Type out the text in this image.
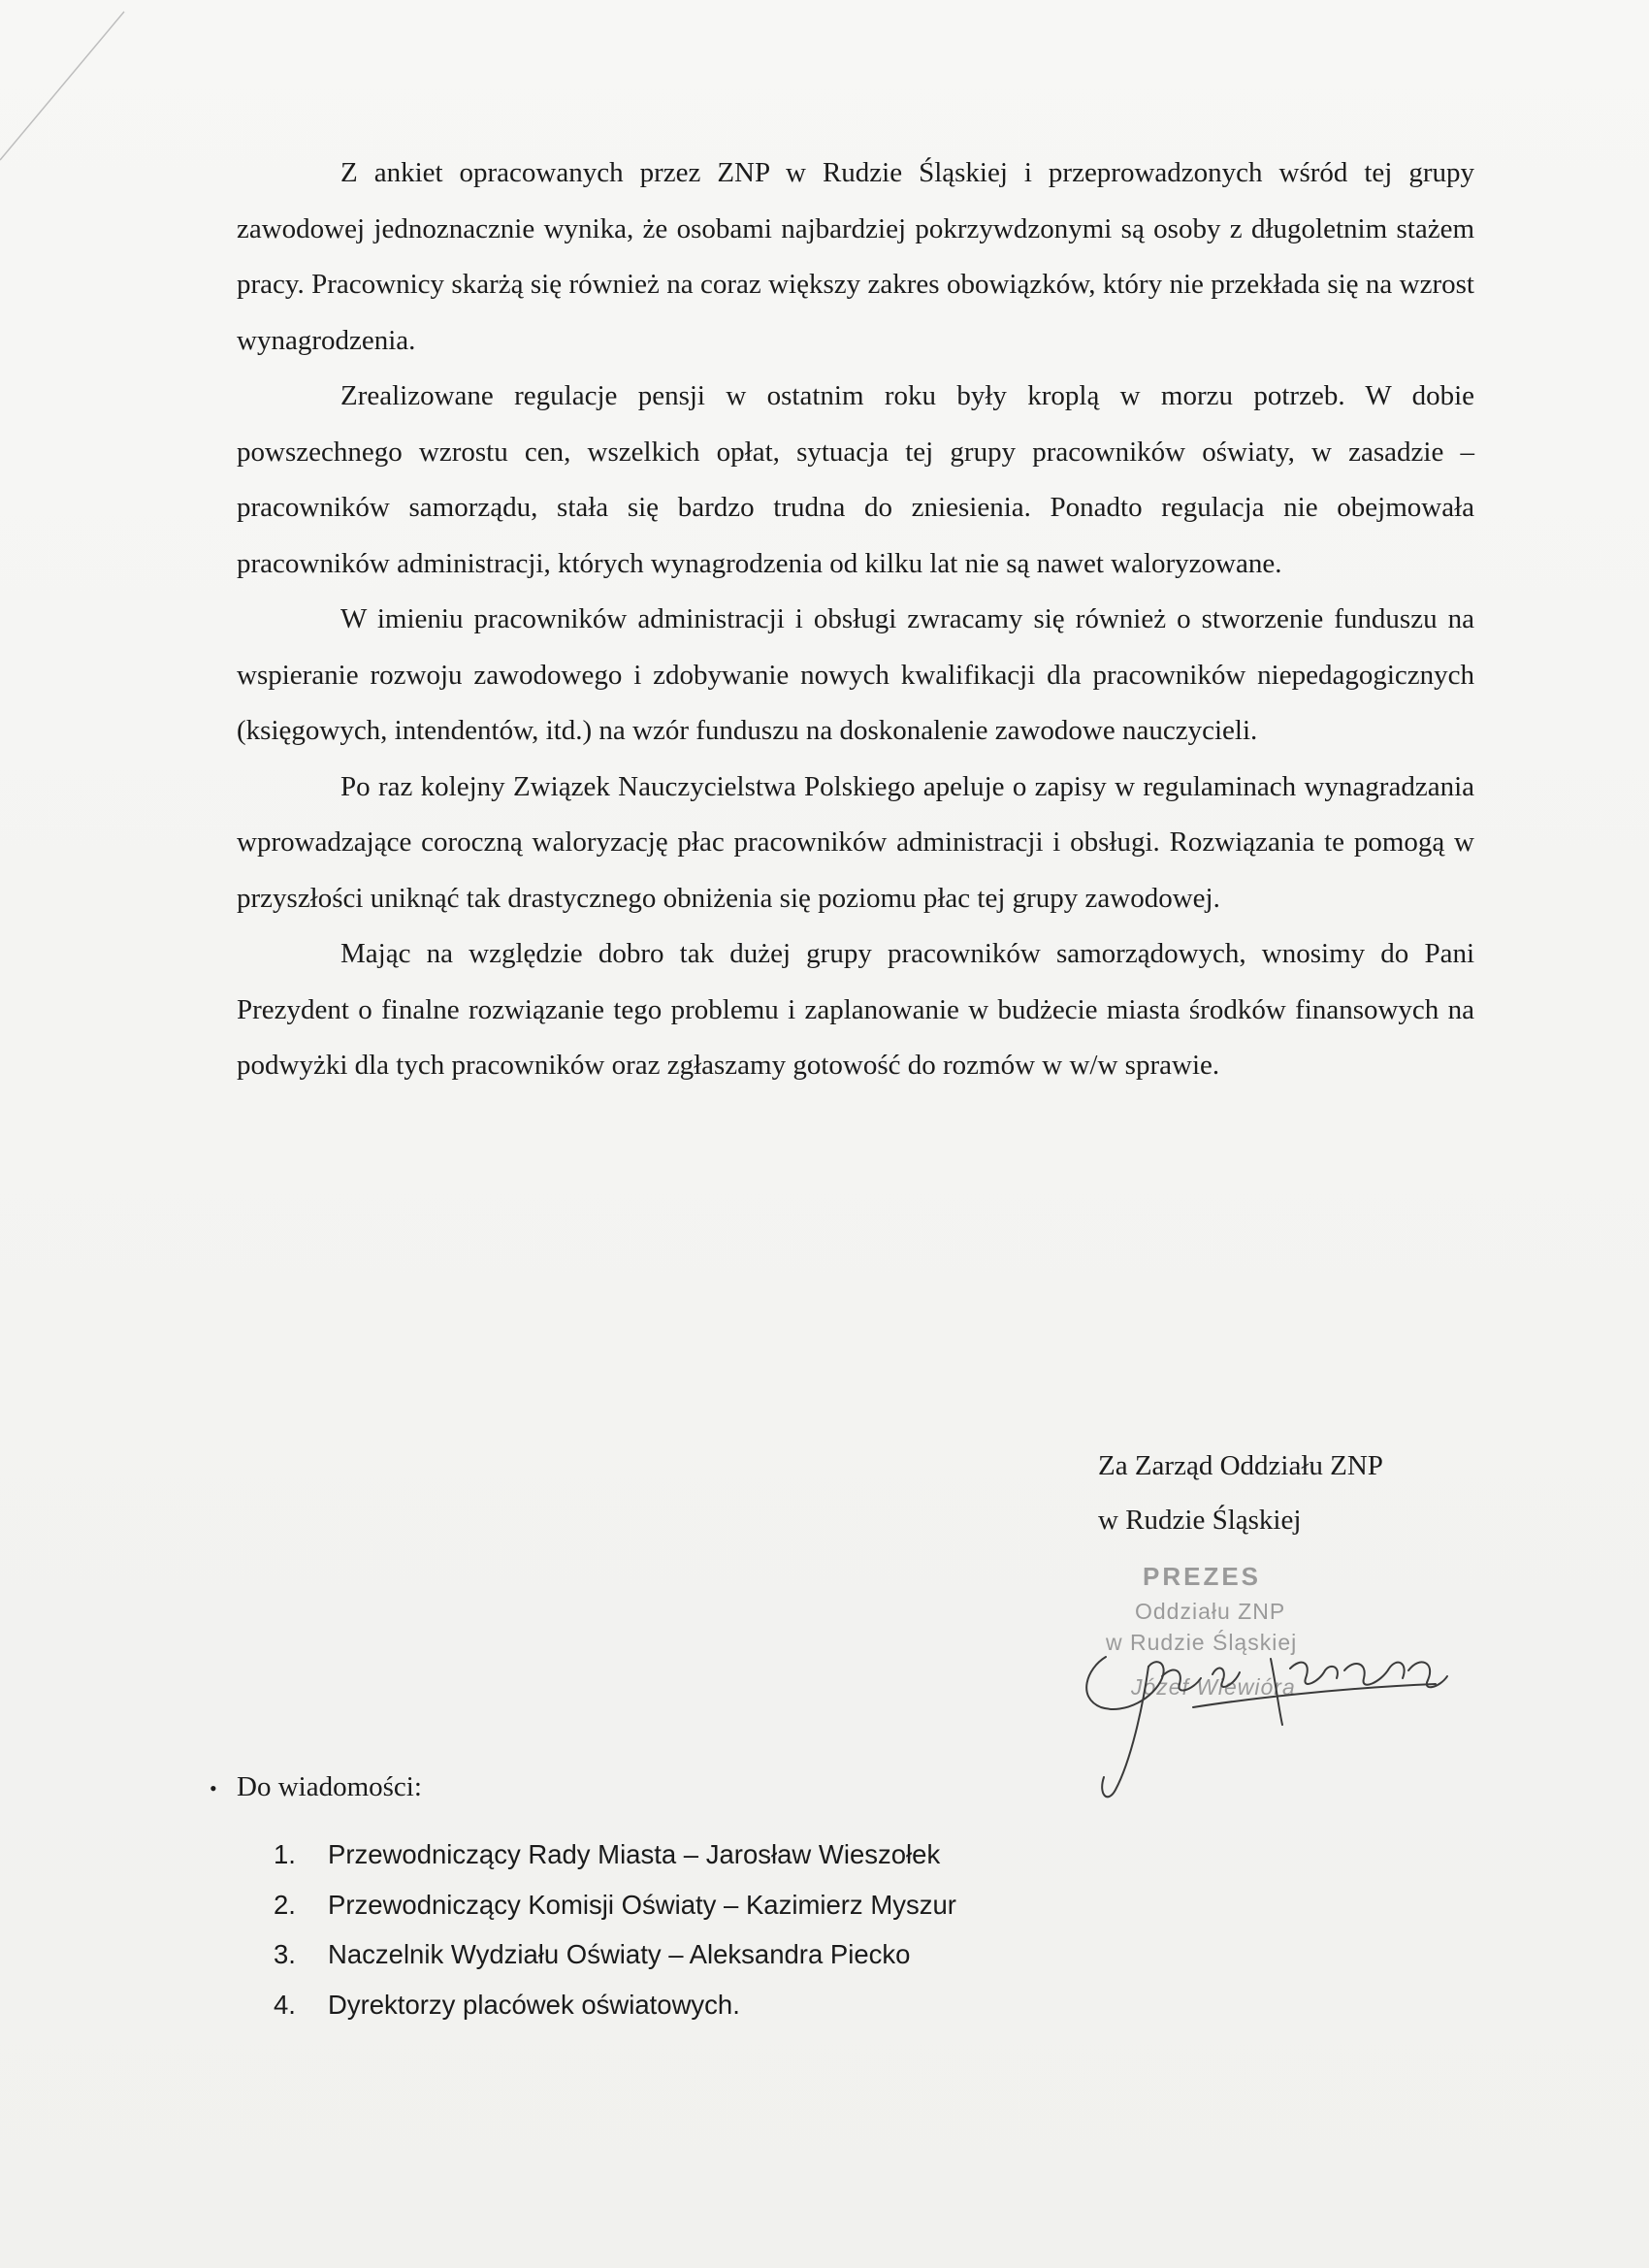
Z ankiet opracowanych przez ZNP w Rudzie Śląskiej i przeprowadzonych wśród tej grupy zawodowej jednoznacznie wynika, że osobami najbardziej pokrzywdzonymi są osoby z długoletnim stażem pracy. Pracownicy skarżą się również na coraz większy zakres obowiązków, który nie przekłada się na wzrost wynagrodzenia.

Zrealizowane regulacje pensji w ostatnim roku były kroplą w morzu potrzeb. W dobie powszechnego wzrostu cen, wszelkich opłat, sytuacja tej grupy pracowników oświaty, w zasadzie – pracowników samorządu, stała się bardzo trudna do zniesienia. Ponadto regulacja nie obejmowała pracowników administracji, których wynagrodzenia od kilku lat nie są nawet waloryzowane.

W imieniu pracowników administracji i obsługi zwracamy się również o stworzenie funduszu na wspieranie rozwoju zawodowego i zdobywanie nowych kwalifikacji dla pracowników niepedagogicznych (księgowych, intendentów, itd.) na wzór funduszu na doskonalenie zawodowe nauczycieli.

Po raz kolejny Związek Nauczycielstwa Polskiego apeluje o zapisy w regulaminach wynagradzania wprowadzające coroczną waloryzację płac pracowników administracji i obsługi. Rozwiązania te pomogą w przyszłości uniknąć tak drastycznego obniżenia się poziomu płac tej grupy zawodowej.

Mając na względzie dobro tak dużej grupy pracowników samorządowych, wnosimy do Pani Prezydent o finalne rozwiązanie tego problemu i zaplanowanie w budżecie miasta środków finansowych na podwyżki dla tych pracowników oraz zgłaszamy gotowość do rozmów w w/w sprawie.

Za Zarząd Oddziału ZNP
w Rudzie Śląskiej
PREZES
Oddziału ZNP
w Rudzie Śląskiej
Józef Wiewióra
• Do wiadomości:
1. Przewodniczący Rady Miasta – Jarosław Wieszołek
2. Przewodniczący Komisji Oświaty – Kazimierz Myszur
3. Naczelnik Wydziału Oświaty – Aleksandra Piecko
4. Dyrektorzy placówek oświatowych.
